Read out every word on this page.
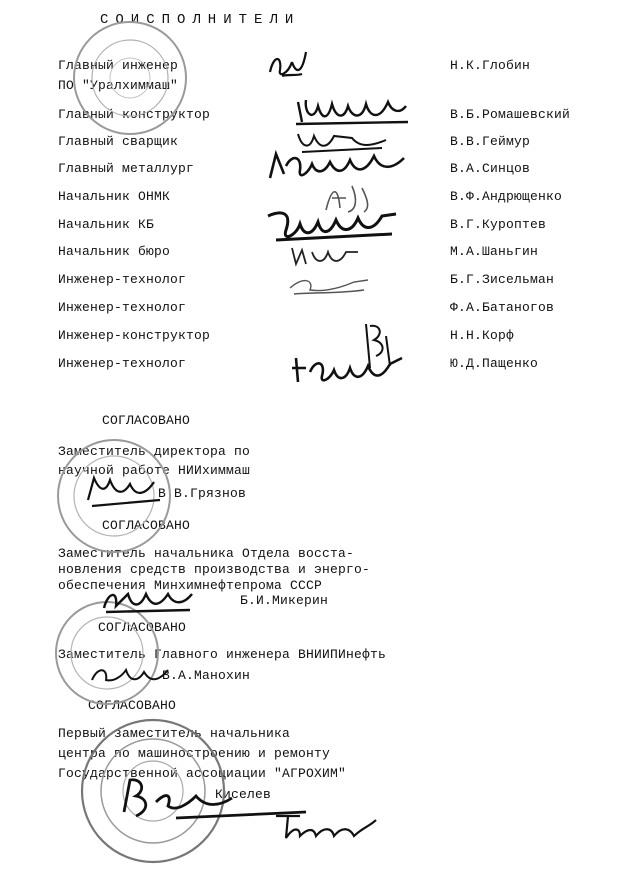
СОИСПОЛНИТЕЛИ
Главный инженер
ПО "Уралхиммаш"
Н.К.Глобин
Главный конструктор	В.Б.Ромашевский
Главный сварщик	В.В.Геймур
Главный металлург	В.А.Синцов
Начальник ОНМК	В.Ф.Андрющенко
Начальник КБ	В.Г.Куроптев
Начальник бюро	М.А.Шаньгин
Инженер-технолог	Б.Г.Зисельман
Инженер-технолог	Ф.А.Батаногов
Инженер-конструктор	Н.Н.Корф
Инженер-технолог	Ю.Д.Пащенко
СОГЛАСОВАНО
Заместитель директора по
научной работе НИИхиммаш
В.В.Грязнов
СОГЛАСОВАНО
Заместитель начальника Отдела восста-
новления средств производства и энерго-
обеспечения Минхимнефтепрома СССР
Б.И.Микерин
СОГЛАСОВАНО
Заместитель Главного инженера ВНИИПИнефть
В.А.Манохин
СОГЛАСОВАНО
Первый заместитель начальника
центра по машиностроению и ремонту
Государственной ассоциации "АГРОХИМ"
Киселев
